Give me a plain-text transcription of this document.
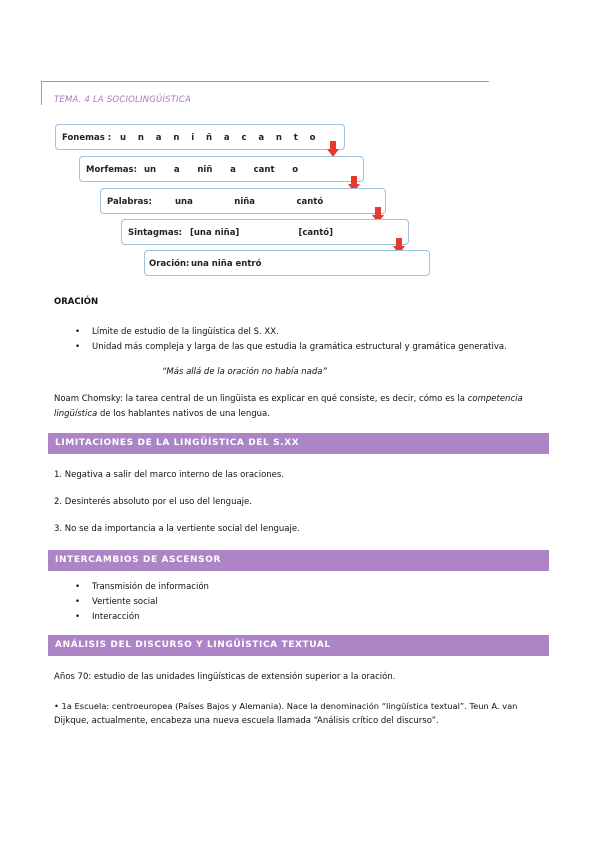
TEMA. 4 LA SOCIOLINGÜÍSTICA
Fonemas : u    n    a    n    i    ñ    a    c    a    n    t    o
Morfemas: un      a      niñ      a      cant      o
Palabras:	una              niña              cantó
Sintagmas: [una niña]                    [cantó]
Oración: una niña entró
ORACIÓN
• Límite de estudio de la lingüística del S. XX.
• Unidad más compleja y larga de las que estudia la gramática estructural y gramática generativa.
“Más allá de la oración no había nada”
Noam Chomsky: la tarea central de un lingüista es explicar en qué consiste, es decir, cómo es la competencia
lingüística de los hablantes nativos de una lengua.
LIMITACIONES DE LA LINGÜÍSTICA DEL S.XX
1. Negativa a salir del marco interno de las oraciones.
2. Desinterés absoluto por el uso del lenguaje.
3. No se da importancia a la vertiente social del lenguaje.
INTERCAMBIOS DE ASCENSOR
• Transmisión de información
• Vertiente social
• Interacción
ANÁLISIS DEL DISCURSO Y LINGÜÍSTICA TEXTUAL
Años 70: estudio de las unidades lingüísticas de extensión superior a la oración.
• 1a Escuela: centroeuropea (Países Bajos y Alemania). Nace la denominación “lingüística textual”. Teun A. van
Dijkque, actualmente, encabeza una nueva escuela llamada “Análisis crítico del discurso”.
